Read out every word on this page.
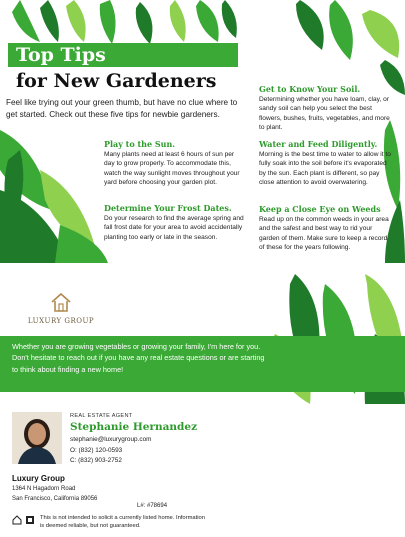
Top Tips
for New Gardeners
Feel like trying out your green thumb, but have no clue where to get started. Check out these five tips for newbie gardeners.
Play to the Sun.
Many plants need at least 6 hours of sun per day to grow properly. To accommodate this, watch the way sunlight moves throughout your yard before choosing your garden plot.
Determine Your Frost Dates.
Do your research to find the average spring and fall frost date for your area to avoid accidentally planting too early or late in the season.
Get to Know Your Soil.
Determining whether you have loam, clay, or sandy soil can help you select the best flowers, bushes, fruits, vegetables, and more to plant.
Water and Feed Diligently.
Morning is the best time to water to allow it to fully soak into the soil before it's evaporated by the sun. Each plant is different, so pay close attention to avoid overwatering.
Keep a Close Eye on Weeds
Read up on the common weeds in your area and the safest and best way to rid your garden of them. Make sure to keep a record of these for the years following.
LUXURY GROUP
Whether you are growing vegetables or growing your family, I'm here for you. Don't hesitate to reach out if you have any real estate questions or are starting to think about finding a new home!
REAL ESTATE AGENT
Stephanie Hernandez
stephanie@luxurygroup.com
O: (832) 120-0593
C: (832) 903-2752
Luxury Group
1364 N Hagadorn Road
San Francisco, California 89056
L#: #78694
This is not intended to solicit a currently listed home. Information is deemed reliable, but not guaranteed.
